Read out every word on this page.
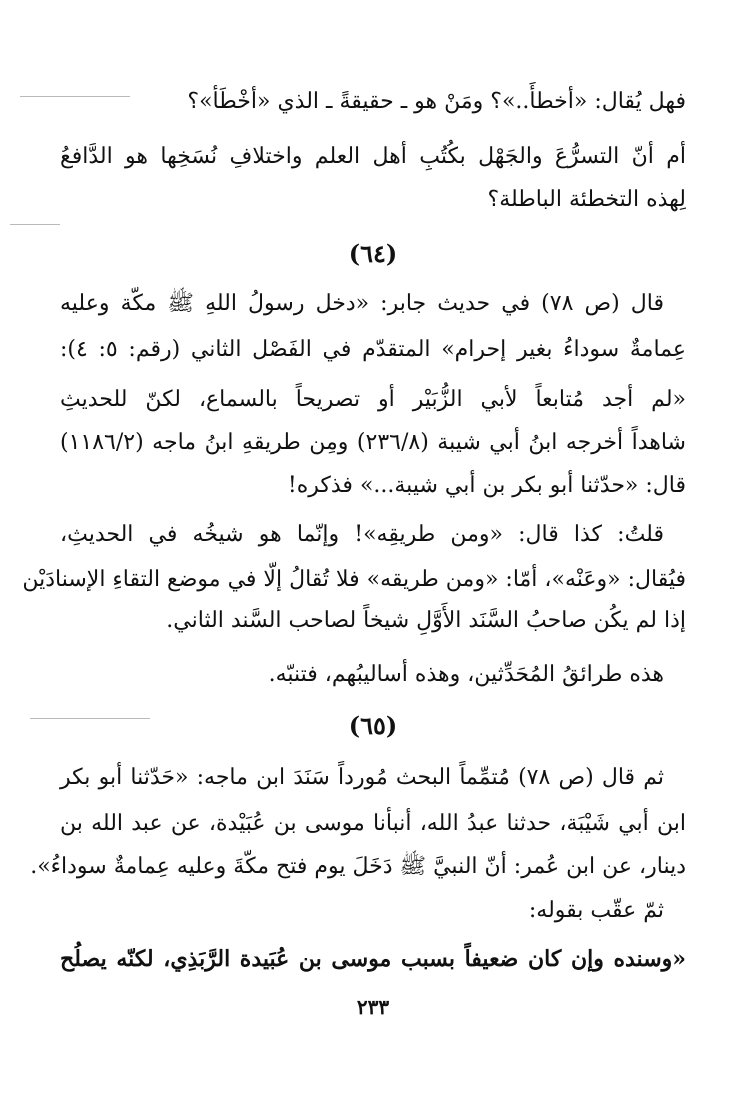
فهل يُقال: «أخطأَ..»؟ ومَنْ هو ـ حقيقةً ـ الذي «أخْطَأ»؟
أم أنّ التسرُّعَ والجَهْل بكُتُبِ أهل العلم واختلافِ نُسَخِها هو الدَّافعُ
لِهذه التخطئة الباطلة؟
(٦٤)
قال (ص ٧٨) في حديث جابر: «دخل رسولُ اللهِ ﷺ مكّة وعليه
عِمامةٌ سوداءُ بغير إحرام» المتقدّم في الفَصْل الثاني (رقم: ٥: ٤):
«لم أجد مُتابعاً لأبي الزُّبَيْر أو تصريحاً بالسماع، لكنّ للحديثِ
شاهداً أخرجه ابنُ أبي شيبة (٢٣٦/٨) ومِن طريقهِ ابنُ ماجه (١١٨٦/٢)
قال: «حدّثنا أبو بكر بن أبي شيبة...» فذكره!
قلتُ: كذا قال: «ومن طريقِه»! وإنّما هو شيخُه في الحديثِ،
فيُقال: «وعَنْه»، أمّا: «ومن طريقه» فلا تُقالُ إلّا في موضع التقاءِ الإسنادَيْن
إذا لم يكُن صاحبُ السَّنَد الأَوَّلِ شيخاً لصاحب السَّند الثاني.
هذه طرائقُ المُحَدِّثين، وهذه أساليبُهم، فتنبّه.
(٦٥)
ثم قال (ص ٧٨) مُتمِّماً البحث مُورداً سَنَدَ ابن ماجه: «حَدّثنا أبو بكر
ابن أبي شَيْبَة، حدثنا عبدُ الله، أنبأنا موسى بن عُبَيْدة، عن عبد الله بن
دينار، عن ابن عُمر: أنّ النبيَّ ﷺ دَخَلَ يوم فتح مكّةَ وعليه عِمامةٌ سوداءُ».
ثمّ عقّب بقوله:
«وسنده وإن كان ضعيفاً بسبب موسى بن عُبَيدة الرَّبَذِي، لكنّه يصلُح
٢٣٣
